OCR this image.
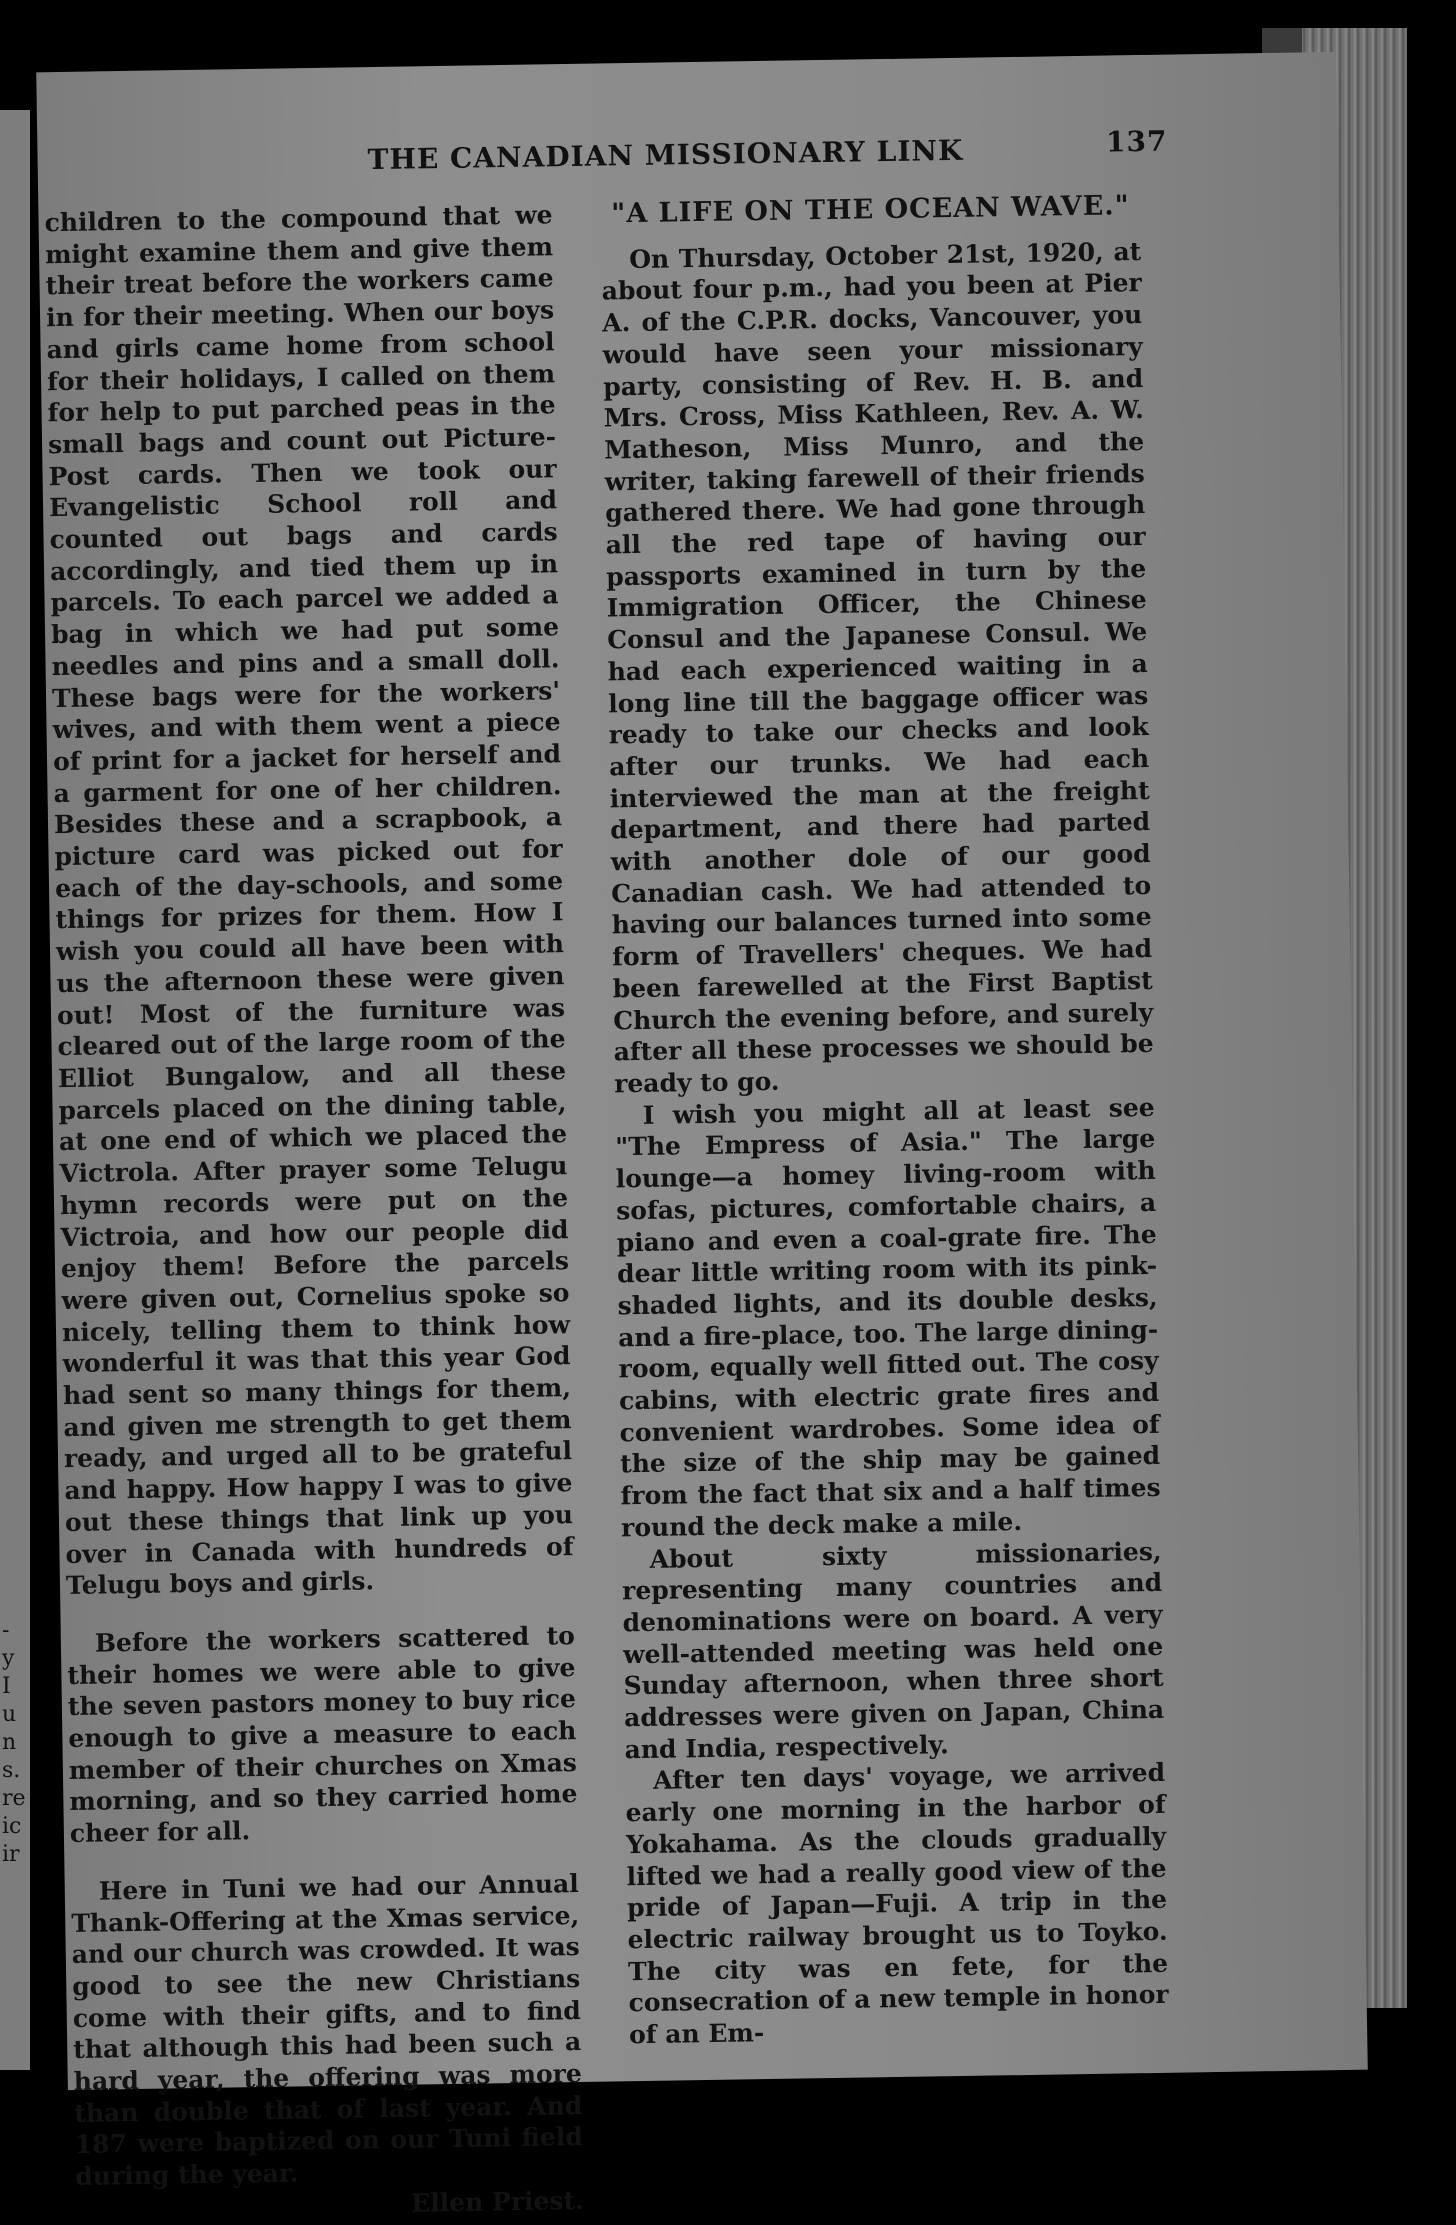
-
y
I
u
n
s.
re
ic
ir
THE CANADIAN MISSIONARY LINK	137

children to the compound that we might examine them and give them their treat before the workers came in for their meeting. When our boys and girls came home from school for their holidays, I called on them for help to put parched peas in the small bags and count out Picture-Post cards. Then we took our Evangelistic School roll and counted out bags and cards accordingly, and tied them up in parcels. To each parcel we added a bag in which we had put some needles and pins and a small doll. These bags were for the workers' wives, and with them went a piece of print for a jacket for herself and a garment for one of her children. Besides these and a scrapbook, a picture card was picked out for each of the day-schools, and some things for prizes for them. How I wish you could all have been with us the afternoon these were given out! Most of the furniture was cleared out of the large room of the Elliot Bungalow, and all these parcels placed on the dining table, at one end of which we placed the Victrola. After prayer some Telugu hymn records were put on the Victroia, and how our people did enjoy them! Before the parcels were given out, Cornelius spoke so nicely, telling them to think how wonderful it was that this year God had sent so many things for them, and given me strength to get them ready, and urged all to be grateful and happy. How happy I was to give out these things that link up you over in Canada with hundreds of Telugu boys and girls.

Before the workers scattered to their homes we were able to give the seven pastors money to buy rice enough to give a measure to each member of their churches on Xmas morning, and so they carried home cheer for all.

Here in Tuni we had our Annual Thank-Offering at the Xmas service, and our church was crowded. It was good to see the new Christians come with their gifts, and to find that although this had been such a hard year, the offering was more than double that of last year. And 187 were baptized on our Tuni field during the year.
Ellen Priest.

"A LIFE ON THE OCEAN WAVE."

On Thursday, October 21st, 1920, at about four p.m., had you been at Pier A. of the C.P.R. docks, Vancouver, you would have seen your missionary party, consisting of Rev. H. B. and Mrs. Cross, Miss Kathleen, Rev. A. W. Matheson, Miss Munro, and the writer, taking farewell of their friends gathered there. We had gone through all the red tape of having our passports examined in turn by the Immigration Officer, the Chinese Consul and the Japanese Consul. We had each experienced waiting in a long line till the baggage officer was ready to take our checks and look after our trunks. We had each interviewed the man at the freight department, and there had parted with another dole of our good Canadian cash. We had attended to having our balances turned into some form of Travellers' cheques. We had been farewelled at the First Baptist Church the evening before, and surely after all these processes we should be ready to go.

I wish you might all at least see "The Empress of Asia." The large lounge—a homey living-room with sofas, pictures, comfortable chairs, a piano and even a coal-grate fire. The dear little writing room with its pink-shaded lights, and its double desks, and a fire-place, too. The large dining-room, equally well fitted out. The cosy cabins, with electric grate fires and convenient wardrobes. Some idea of the size of the ship may be gained from the fact that six and a half times round the deck make a mile.

About sixty missionaries, representing many countries and denominations were on board. A very well-attended meeting was held one Sunday afternoon, when three short addresses were given on Japan, China and India, respectively.

After ten days' voyage, we arrived early one morning in the harbor of Yokahama. As the clouds gradually lifted we had a really good view of the pride of Japan—Fuji. A trip in the electric railway brought us to Toyko. The city was en fete, for the consecration of a new temple in honor of an Em-
